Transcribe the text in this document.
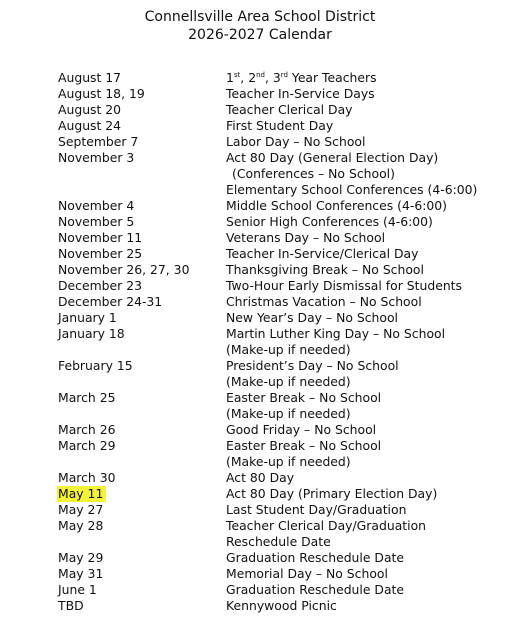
Connellsville Area School District
2026-2027 Calendar
August 17	1st, 2nd, 3rd Year Teachers
August 18, 19	Teacher In-Service Days
August 20	Teacher Clerical Day
August 24	First Student Day
September 7	Labor Day – No School
November 3	Act 80 Day (General Election Day)
(Conferences – No School)
Elementary School Conferences (4-6:00)
November 4	Middle School Conferences (4-6:00)
November 5	Senior High Conferences (4-6:00)
November 11	Veterans Day – No School
November 25	Teacher In-Service/Clerical Day
November 26, 27, 30	Thanksgiving Break – No School
December 23	Two-Hour Early Dismissal for Students
December 24-31	Christmas Vacation – No School
January 1	New Year’s Day – No School
January 18	Martin Luther King Day – No School
(Make-up if needed)
February 15	President’s Day – No School
(Make-up if needed)
March 25	Easter Break – No School
(Make-up if needed)
March 26	Good Friday – No School
March 29	Easter Break – No School
(Make-up if needed)
March 30	Act 80 Day
May 11	Act 80 Day (Primary Election Day)
May 27	Last Student Day/Graduation
May 28	Teacher Clerical Day/Graduation
Reschedule Date
May 29	Graduation Reschedule Date
May 31	Memorial Day – No School
June 1	Graduation Reschedule Date
TBD	Kennywood Picnic
